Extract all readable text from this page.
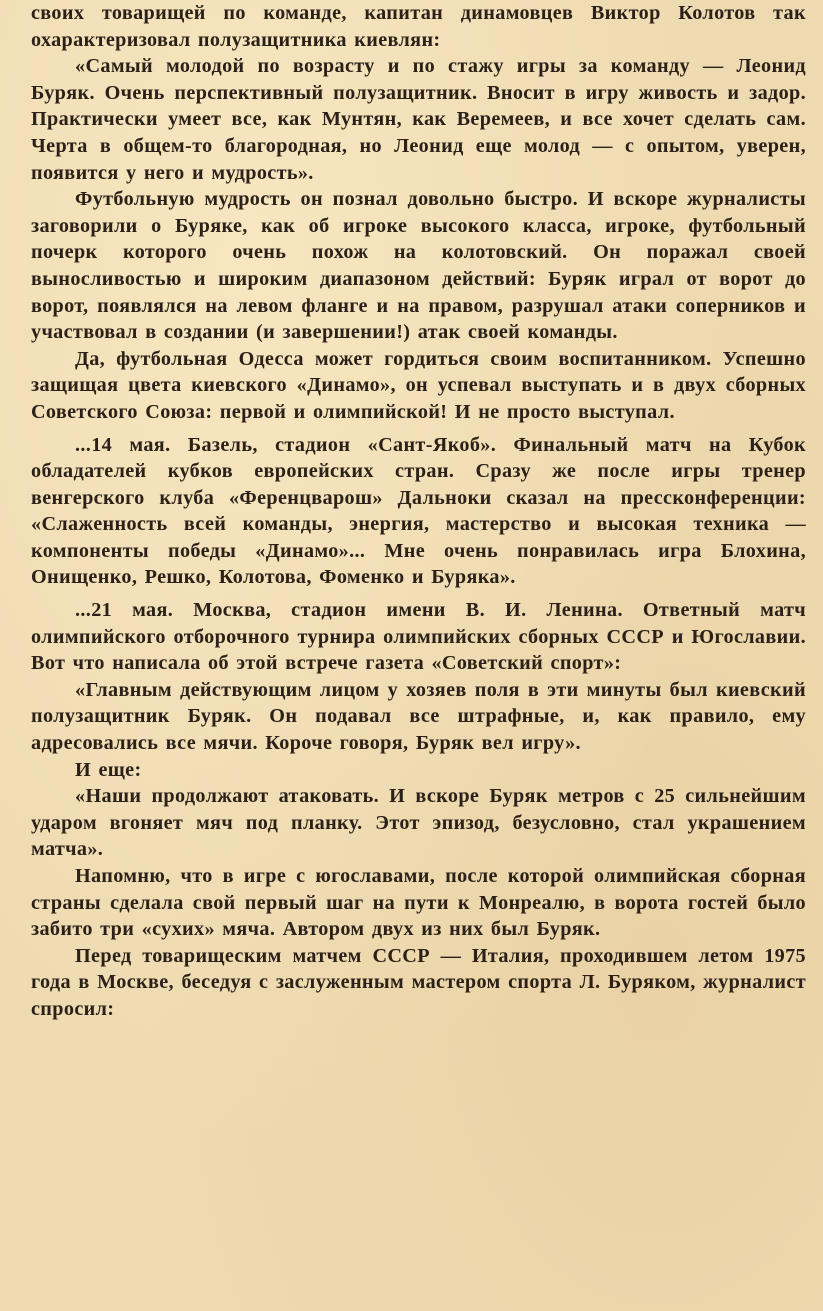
своих товарищей по команде, капитан динамовцев Виктор Колотов так охарактеризовал полузащитника киевлян:

«Самый молодой по возрасту и по стажу игры за команду — Леонид Буряк. Очень перспективный полузащитник. Вносит в игру живость и задор. Практически умеет все, как Мунтян, как Веремеев, и все хочет сделать сам. Черта в общем-то благородная, но Леонид еще молод — с опытом, уверен, появится у него и мудрость».

Футбольную мудрость он познал довольно быстро. И вскоре журналисты заговорили о Буряке, как об игроке высокого класса, игроке, футбольный почерк которого очень похож на колотовский. Он поражал своей выносливостью и широким диапазоном действий: Буряк играл от ворот до ворот, появлялся на левом фланге и на правом, разрушал атаки соперников и участвовал в создании (и завершении!) атак своей команды.

Да, футбольная Одесса может гордиться своим воспитанником. Успешно защищая цвета киевского «Динамо», он успевал выступать и в двух сборных Советского Союза: первой и олимпийской! И не просто выступал.

...14 мая. Базель, стадион «Сант-Якоб». Финальный матч на Кубок обладателей кубков европейских стран. Сразу же после игры тренер венгерского клуба «Ференцварош» Дальноки сказал на прессконференции: «Слаженность всей команды, энергия, мастерство и высокая техника — компоненты победы «Динамо»... Мне очень понравилась игра Блохина, Онищенко, Решко, Колотова, Фоменко и Буряка».

...21 мая. Москва, стадион имени В. И. Ленина. Ответный матч олимпийского отборочного турнира олимпийских сборных СССР и Югославии. Вот что написала об этой встрече газета «Советский спорт»:

«Главным действующим лицом у хозяев поля в эти минуты был киевский полузащитник Буряк. Он подавал все штрафные, и, как правило, ему адресовались все мячи. Короче говоря, Буряк вел игру».

И еще:

«Наши продолжают атаковать. И вскоре Буряк метров с 25 сильнейшим ударом вгоняет мяч под планку. Этот эпизод, безусловно, стал украшением матча».

Напомню, что в игре с югославами, после которой олимпийская сборная страны сделала свой первый шаг на пути к Монреалю, в ворота гостей было забито три «сухих» мяча. Автором двух из них был Буряк.

Перед товарищеским матчем СССР — Италия, проходившем летом 1975 года в Москве, беседуя с заслуженным мастером спорта Л. Буряком, журналист спросил:
